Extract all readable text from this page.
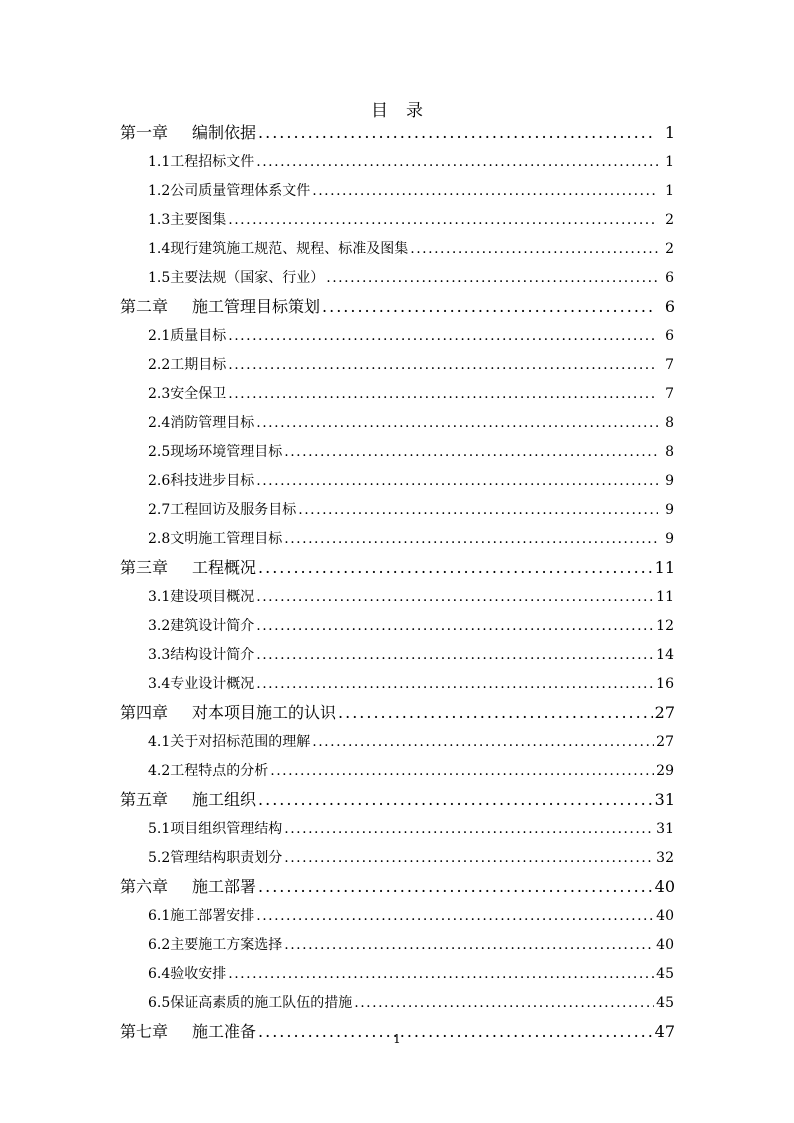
目 录
第一章 编制依据 .....	1
1.1 工程招标文件 .....	1
1.2 公司质量管理体系文件 .....	1
1.3 主要图集 .....	2
1.4 现行建筑施工规范、规程、标准及图集 .....	2
1.5 主要法规（国家、行业） .....	6
第二章 施工管理目标策划 .....	6
2.1 质量目标 .....	6
2.2 工期目标 .....	7
2.3 安全保卫 .....	7
2.4 消防管理目标 .....	8
2.5 现场环境管理目标 .....	8
2.6 科技进步目标 .....	9
2.7 工程回访及服务目标 .....	9
2.8 文明施工管理目标 .....	9
第三章 工程概况 .....	11
3.1 建设项目概况 .....	11
3.2 建筑设计简介 .....	12
3.3 结构设计简介 .....	14
3.4 专业设计概况 .....	16
第四章 对本项目施工的认识 .....	27
4.1 关于对招标范围的理解 .....	27
4.2 工程特点的分析 .....	29
第五章 施工组织 .....	31
5.1 项目组织管理结构 .....	31
5.2 管理结构职责划分 .....	32
第六章 施工部署 .....	40
6.1 施工部署安排 .....	40
6.2 主要施工方案选择 .....	40
6.4 验收安排 .....	45
6.5 保证高素质的施工队伍的措施 .....	45
第七章 施工准备 .....	47
1
